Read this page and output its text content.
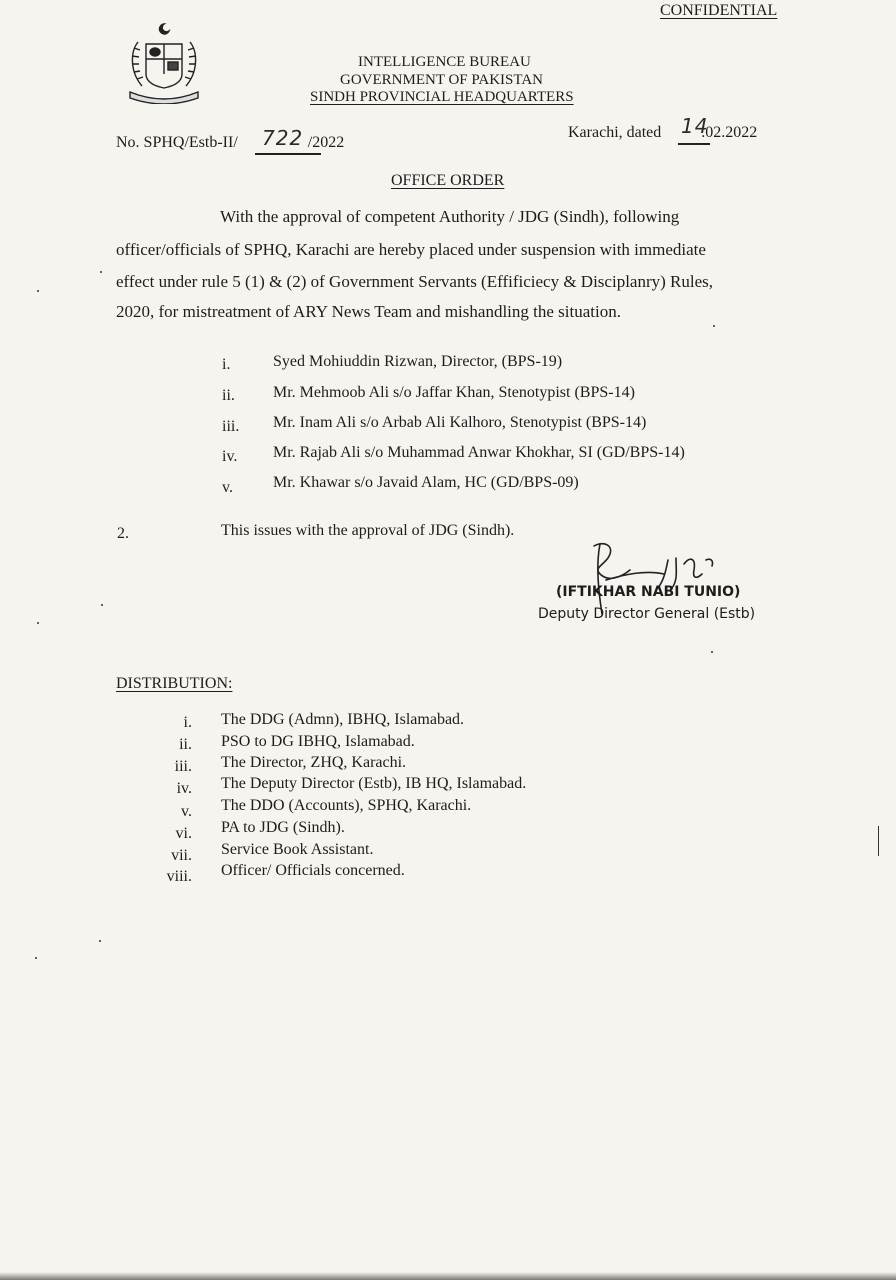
CONFIDENTIAL
INTELLIGENCE BUREAU
GOVERNMENT OF PAKISTAN
SINDH PROVINCIAL HEADQUARTERS
No. SPHQ/Estb-II/	/2022
722	Karachi, dated .02.2022
14
OFFICE ORDER
With the approval of competent Authority / JDG (Sindh), following
officer/officials of SPHQ, Karachi are hereby placed under suspension with immediate
effect under rule 5 (1) & (2) of Government Servants (Effificiecy & Disciplanry) Rules,
2020, for mistreatment of ARY News Team and mishandling the situation.
i.	Syed Mohiuddin Rizwan, Director, (BPS-19)
ii. Mr. Mehmoob Ali s/o Jaffar Khan, Stenotypist (BPS-14)
iii. Mr. Inam Ali s/o Arbab Ali Kalhoro, Stenotypist (BPS-14)
iv. Mr. Rajab Ali s/o Muhammad Anwar Khokhar, SI (GD/BPS-14)
v.	Mr. Khawar s/o Javaid Alam, HC (GD/BPS-09)
2.	This issues with the approval of JDG (Sindh).
(IFTIKHAR NABI TUNIO)
Deputy Director General (Estb)
DISTRIBUTION:
i. The DDG (Admn), IBHQ, Islamabad.
ii. PSO to DG IBHQ, Islamabad.
iii. The Director, ZHQ, Karachi.
iv. The Deputy Director (Estb), IB HQ, Islamabad.
v. The DDO (Accounts), SPHQ, Karachi.
vi. PA to JDG (Sindh).
vii. Service Book Assistant.
viii. Officer/ Officials concerned.
